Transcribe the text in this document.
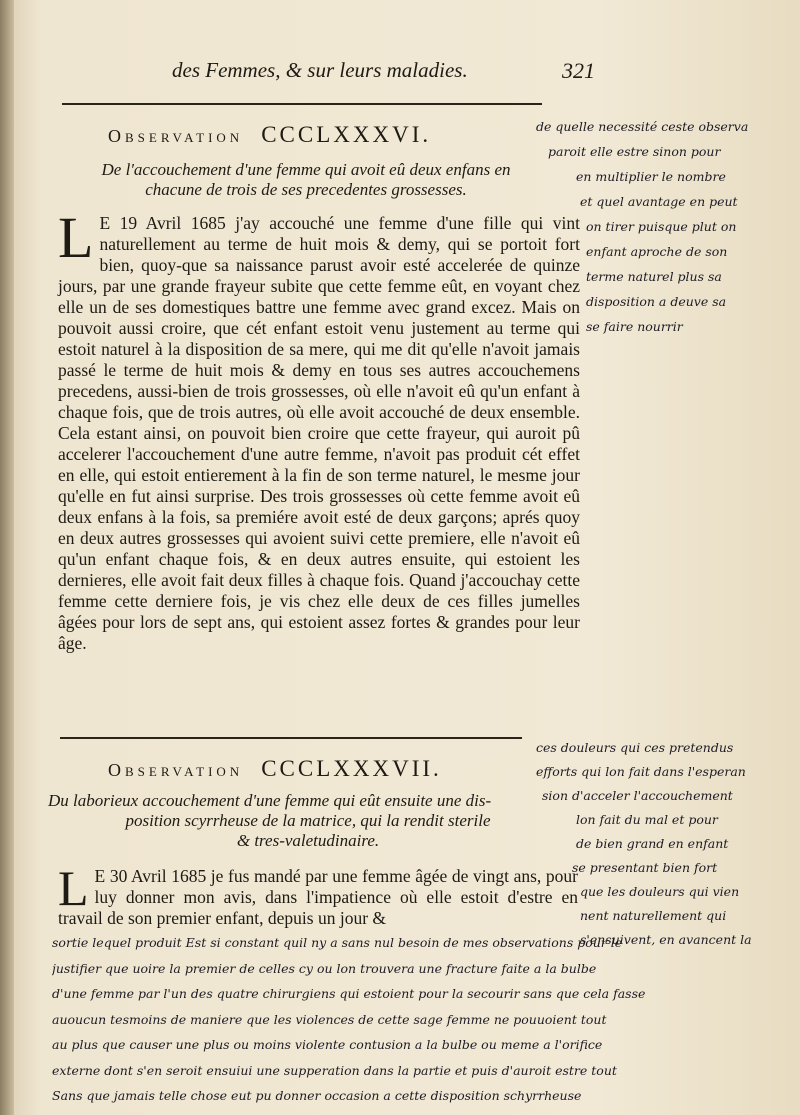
des Femmes, & sur leurs maladies.	321
Observation CCCLXXXVI.
De l'accouchement d'une femme qui avoit eû deux enfans en
chacune de trois de ses precedentes grossesses.
L E 19 Avril 1685 j'ay accouché une femme d'une fille qui vint naturellement au terme de huit mois & demy, qui se portoit fort bien, quoy-que sa naissance parust avoir esté accelerée de quinze jours, par une grande frayeur subite que cette femme eût, en voyant chez elle un de ses domestiques battre une femme avec grand excez. Mais on pouvoit aussi croire, que cét enfant estoit venu justement au terme qui estoit naturel à la disposition de sa mere, qui me dit qu'elle n'avoit jamais passé le terme de huit mois & demy en tous ses autres accouchemens precedens, aussi-bien de trois grossesses, où elle n'avoit eû qu'un enfant à chaque fois, que de trois autres, où elle avoit accouché de deux ensemble. Cela estant ainsi, on pouvoit bien croire que cette frayeur, qui auroit pû accelerer l'accouchement d'une autre femme, n'avoit pas produit cét effet en elle, qui estoit entierement à la fin de son terme naturel, le mesme jour qu'elle en fut ainsi surprise. Des trois grossesses où cette femme avoit eû deux enfans à la fois, sa premiére avoit esté de deux garçons; aprés quoy en deux autres grossesses qui avoient suivi cette premiere, elle n'avoit eû qu'un enfant chaque fois, & en deux autres ensuite, qui estoient les dernieres, elle avoit fait deux filles à chaque fois. Quand j'accouchay cette femme cette derniere fois, je vis chez elle deux de ces filles jumelles âgées pour lors de sept ans, qui estoient assez fortes & grandes pour leur âge.
Observation CCCLXXXVII.
Du laborieux accouchement d'une femme qui eût ensuite une dis-
position scyrrheuse de la matrice, qui la rendit sterile
& tres-valetudinaire.
L E 30 Avril 1685 je fus mandé par une femme âgée de vingt ans, pour luy donner mon avis, dans l'impatience où elle estoit d'estre en travail de son premier enfant, depuis un jour &
de quelle necessité ceste observa
paroit elle estre sinon pour
en multiplier le nombre
et quel avantage en peut
on tirer puisque plut on
enfant aproche de son
terme naturel plus sa
disposition a deuve sa
se faire nourrir
ces douleurs qui ces pretendus
efforts qui lon fait dans l'esperan
sion d'acceler l'accouchement
lon fait du mal et pour
de bien grand en enfant
se presentant bien fort
que les douleurs qui vien
nent naturellement qui
s'ensuivent, en avancent la
sortie lequel produit Est si constant quil ny a sans nul besoin de mes observations pour le
justifier que uoire la premier de celles cy ou lon trouvera une fracture faite a la bulbe
d'une femme par l'un des quatre chirurgiens qui estoient pour la secourir sans que cela fasse
auoucun tesmoins de maniere que les violences de cette sage femme ne pouuoient tout
au plus que causer une plus ou moins violente contusion a la bulbe ou meme a l'orifice
externe dont s'en seroit ensuiui une supperation dans la partie et puis d'auroit estre tout
Sans que jamais telle chose eut pu donner occasion a cette disposition schyrrheuse
